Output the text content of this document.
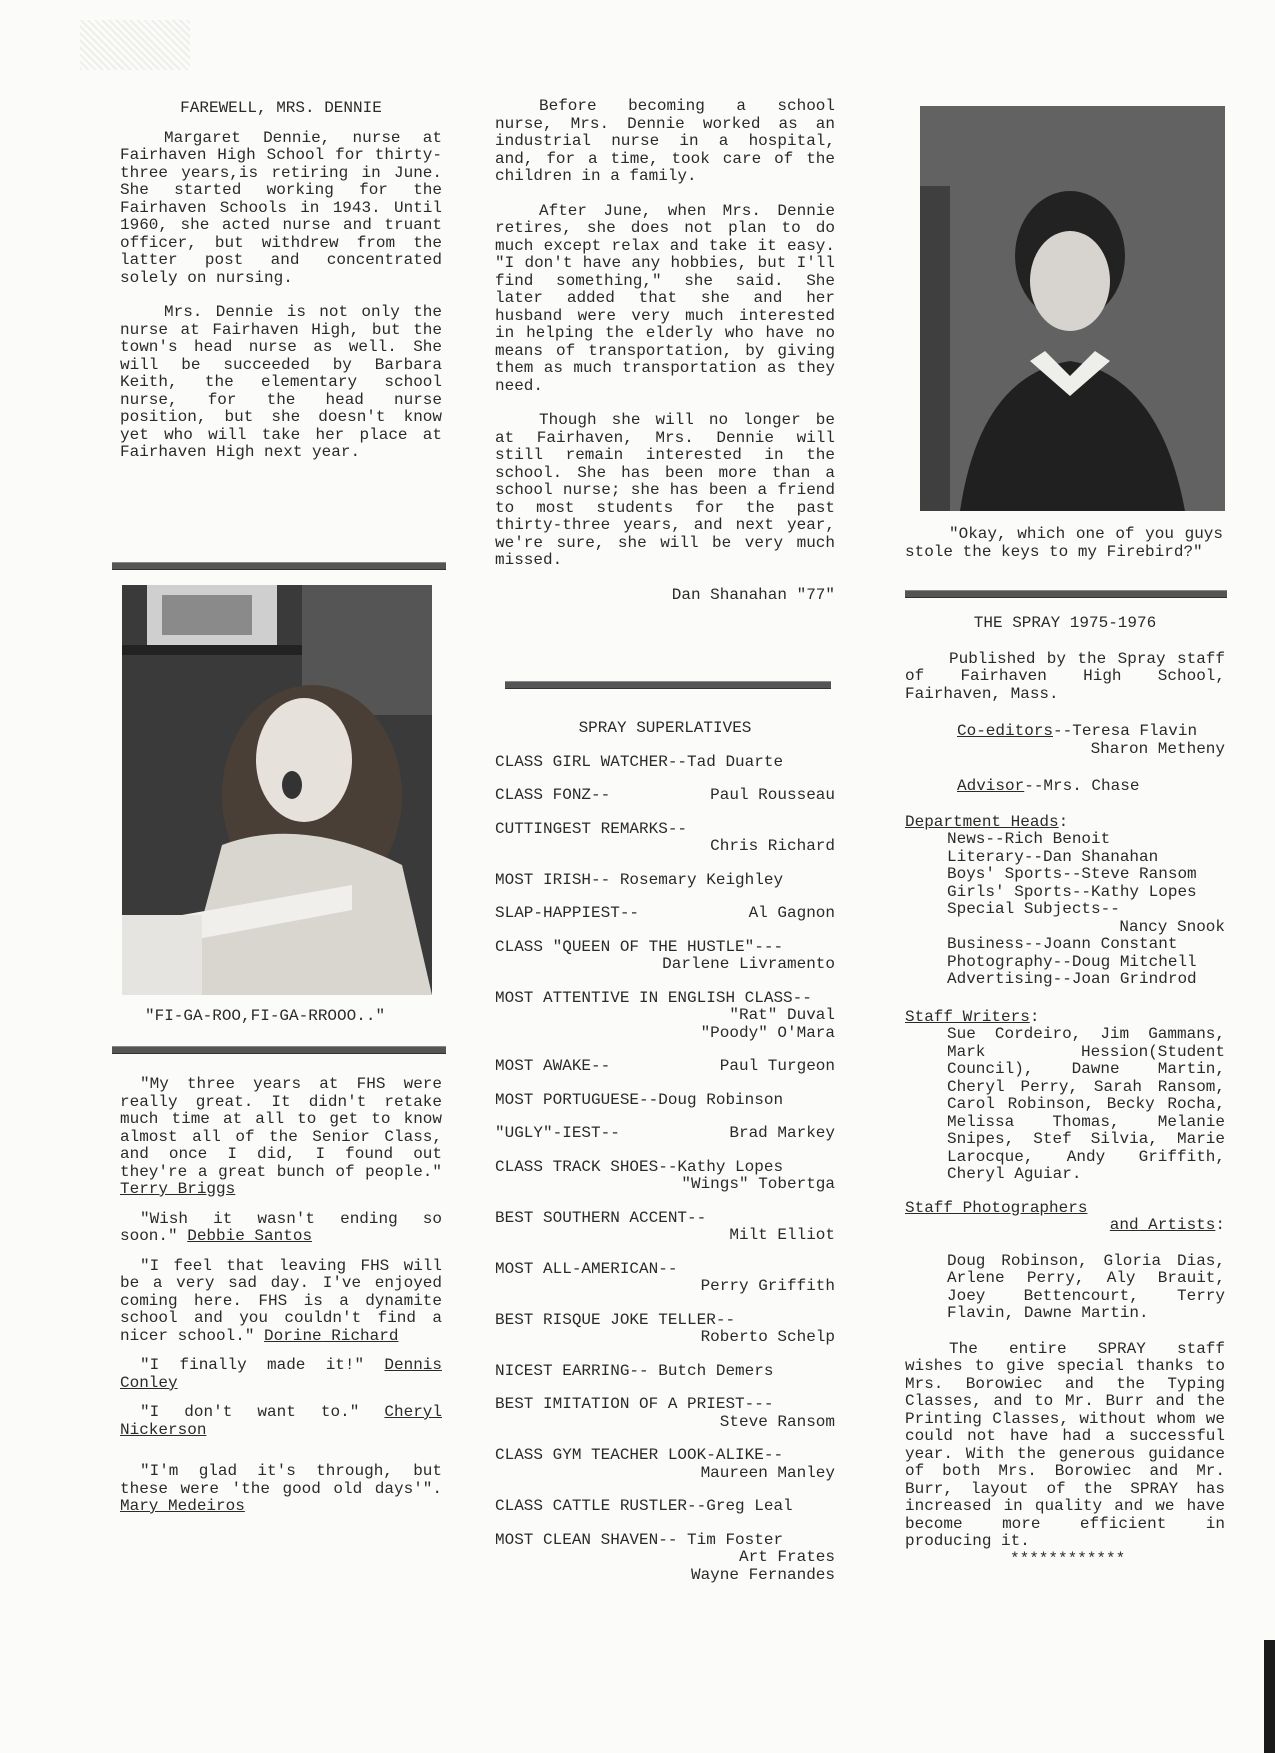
FAREWELL, MRS. DENNIE

Margaret Dennie, nurse at Fairhaven High School for thirty-three years,is retiring in June. She started working for the Fairhaven Schools in 1943. Until 1960, she acted nurse and truant officer, but withdrew from the latter post and concentrated solely on nursing.

Mrs. Dennie is not only the nurse at Fairhaven High, but the town's head nurse as well. She will be succeeded by Barbara Keith, the elementary school nurse, for the head nurse position, but she doesn't know yet who will take her place at Fairhaven High next year.

"FI-GA-ROO,FI-GA-RROOO.."

"My three years at FHS were really great. It didn't retake much time at all to get to know almost all of the Senior Class, and once I did, I found out they're a great bunch of people." Terry Briggs

"Wish it wasn't ending so soon." Debbie Santos

"I feel that leaving FHS will be a very sad day. I've enjoyed coming here. FHS is a dynamite school and you couldn't find a nicer school." Dorine Richard

"I finally made it!" Dennis Conley

"I don't want to." Cheryl Nickerson

"I'm glad it's through, but these were 'the good old days'". Mary Medeiros

Before becoming a school nurse, Mrs. Dennie worked as an industrial nurse in a hospital, and, for a time, took care of the children in a family.

After June, when Mrs. Dennie retires, she does not plan to do much except relax and take it easy. "I don't have any hobbies, but I'll find something," she said. She later added that she and her husband were very much interested in helping the elderly who have no means of transportation, by giving them as much transportation as they need.

Though she will no longer be at Fairhaven, Mrs. Dennie will still remain interested in the school. She has been more than a school nurse; she has been a friend to most students for the past thirty-three years, and next year, we're sure, she will be very much missed.

Dan Shanahan "77"
SPRAY SUPERLATIVES
CLASS GIRL WATCHER--Tad Duarte
CLASS FONZ--	Paul Rousseau
CUTTINGEST REMARKS--
Chris Richard
MOST IRISH-- Rosemary Keighley
SLAP-HAPPIEST--	Al Gagnon
CLASS "QUEEN OF THE HUSTLE"---
Darlene Livramento
MOST ATTENTIVE IN ENGLISH CLASS--
"Rat" Duval
"Poody" O'Mara
MOST AWAKE--	Paul Turgeon
MOST PORTUGUESE--Doug Robinson
"UGLY"-IEST--	Brad Markey
CLASS TRACK SHOES--Kathy Lopes
"Wings" Tobertga
BEST SOUTHERN ACCENT--
Milt Elliot
MOST ALL-AMERICAN--
Perry Griffith
BEST RISQUE JOKE TELLER--
Roberto Schelp
NICEST EARRING-- Butch Demers
BEST IMITATION OF A PRIEST---
Steve Ransom
CLASS GYM TEACHER LOOK-ALIKE--
Maureen Manley
CLASS CATTLE RUSTLER--Greg Leal
MOST CLEAN SHAVEN-- Tim Foster
Art Frates
Wayne Fernandes

"Okay, which one of you guys stole the keys to my Firebird?"

THE SPRAY 1975-1976

Published by the Spray staff of Fairhaven High School, Fairhaven, Mass.

Co-editors--Teresa Flavin
Sharon Metheny
Advisor--Mrs. Chase
Department Heads:
News--Rich Benoit
Literary--Dan Shanahan
Boys' Sports--Steve Ransom
Girls' Sports--Kathy Lopes
Special Subjects--
Nancy Snook
Business--Joann Constant
Photography--Doug Mitchell
Advertising--Joan Grindrod
Staff Writers:

Sue Cordeiro, Jim Gammans, Mark Hession(Student Council), Dawne Martin, Cheryl Perry, Sarah Ransom, Carol Robinson, Becky Rocha, Melissa Thomas, Melanie Snipes, Stef Silvia, Marie Larocque, Andy Griffith, Cheryl Aguiar.

Staff Photographers
and Artists:

Doug Robinson, Gloria Dias, Arlene Perry, Aly Brauit, Joey Bettencourt, Terry Flavin, Dawne Martin.

The entire SPRAY staff wishes to give special thanks to Mrs. Borowiec and the Typing Classes, and to Mr. Burr and the Printing Classes, without whom we could not have had a successful year. With the generous guidance of both Mrs. Borowiec and Mr. Burr, layout of the SPRAY has increased in quality and we have become more efficient in producing it.

************
